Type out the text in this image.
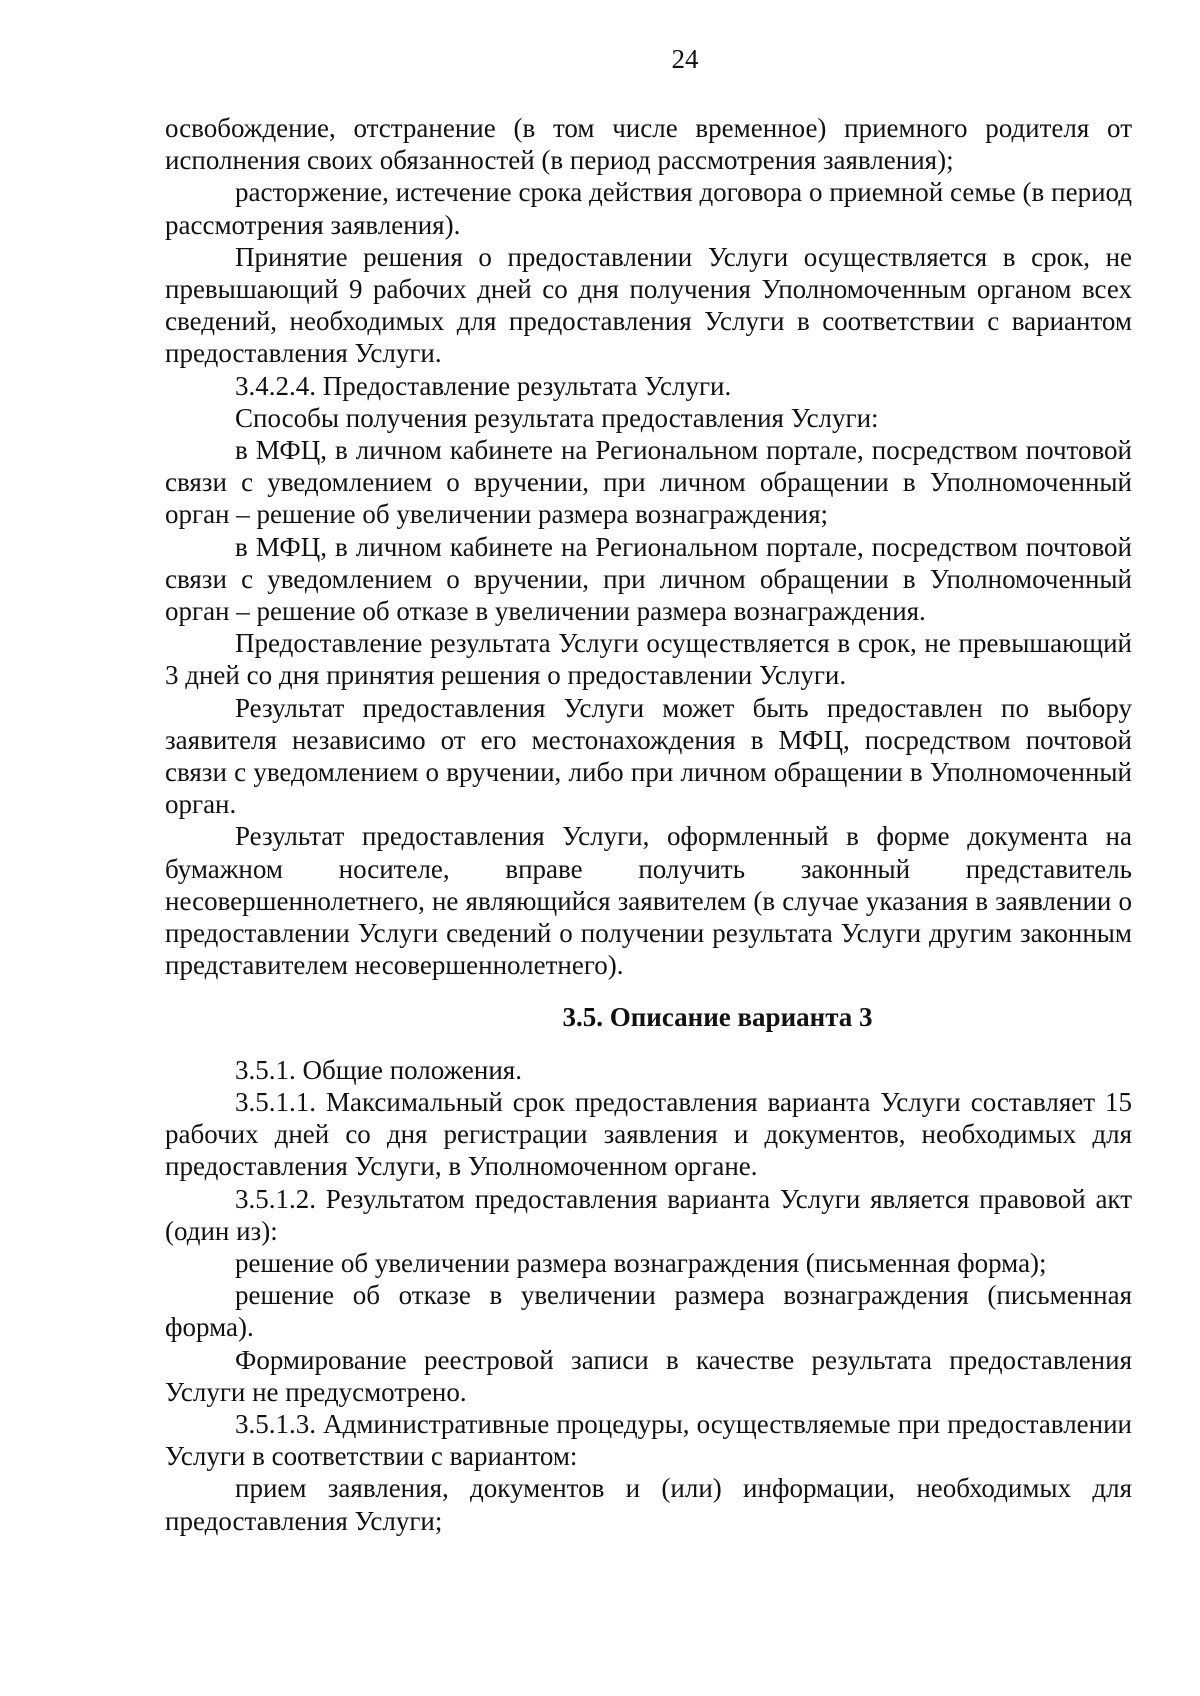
24

освобождение, отстранение (в том числе временное) приемного родителя от исполнения своих обязанностей (в период рассмотрения заявления);

расторжение, истечение срока действия договора о приемной семье (в период рассмотрения заявления).

Принятие решения о предоставлении Услуги осуществляется в срок, не превышающий 9 рабочих дней со дня получения Уполномоченным органом всех сведений, необходимых для предоставления Услуги в соответствии с вариантом предоставления Услуги.

3.4.2.4. Предоставление результата Услуги.

Способы получения результата предоставления Услуги:

в МФЦ, в личном кабинете на Региональном портале, посредством почтовой связи с уведомлением о вручении, при личном обращении в Уполномоченный орган – решение об увеличении размера вознаграждения;

в МФЦ, в личном кабинете на Региональном портале, посредством почтовой связи с уведомлением о вручении, при личном обращении в Уполномоченный орган – решение об отказе в увеличении размера вознаграждения.

Предоставление результата Услуги осуществляется в срок, не превышающий 3 дней со дня принятия решения о предоставлении Услуги.

Результат предоставления Услуги может быть предоставлен по выбору заявителя независимо от его местонахождения в МФЦ, посредством почтовой связи с уведомлением о вручении, либо при личном обращении в Уполномоченный орган.

Результат предоставления Услуги, оформленный в форме документа на бумажном носителе, вправе получить законный представитель несовершеннолетнего, не являющийся заявителем (в случае указания в заявлении о предоставлении Услуги сведений о получении результата Услуги другим законным представителем несовершеннолетнего).

3.5. Описание варианта 3

3.5.1. Общие положения.

3.5.1.1. Максимальный срок предоставления варианта Услуги составляет 15 рабочих дней со дня регистрации заявления и документов, необходимых для предоставления Услуги, в Уполномоченном органе.

3.5.1.2. Результатом предоставления варианта Услуги является правовой акт (один из):

решение об увеличении размера вознаграждения (письменная форма);

решение об отказе в увеличении размера вознаграждения (письменная форма).

Формирование реестровой записи в качестве результата предоставления Услуги не предусмотрено.

3.5.1.3. Административные процедуры, осуществляемые при предоставлении Услуги в соответствии с вариантом:

прием заявления, документов и (или) информации, необходимых для предоставления Услуги;
